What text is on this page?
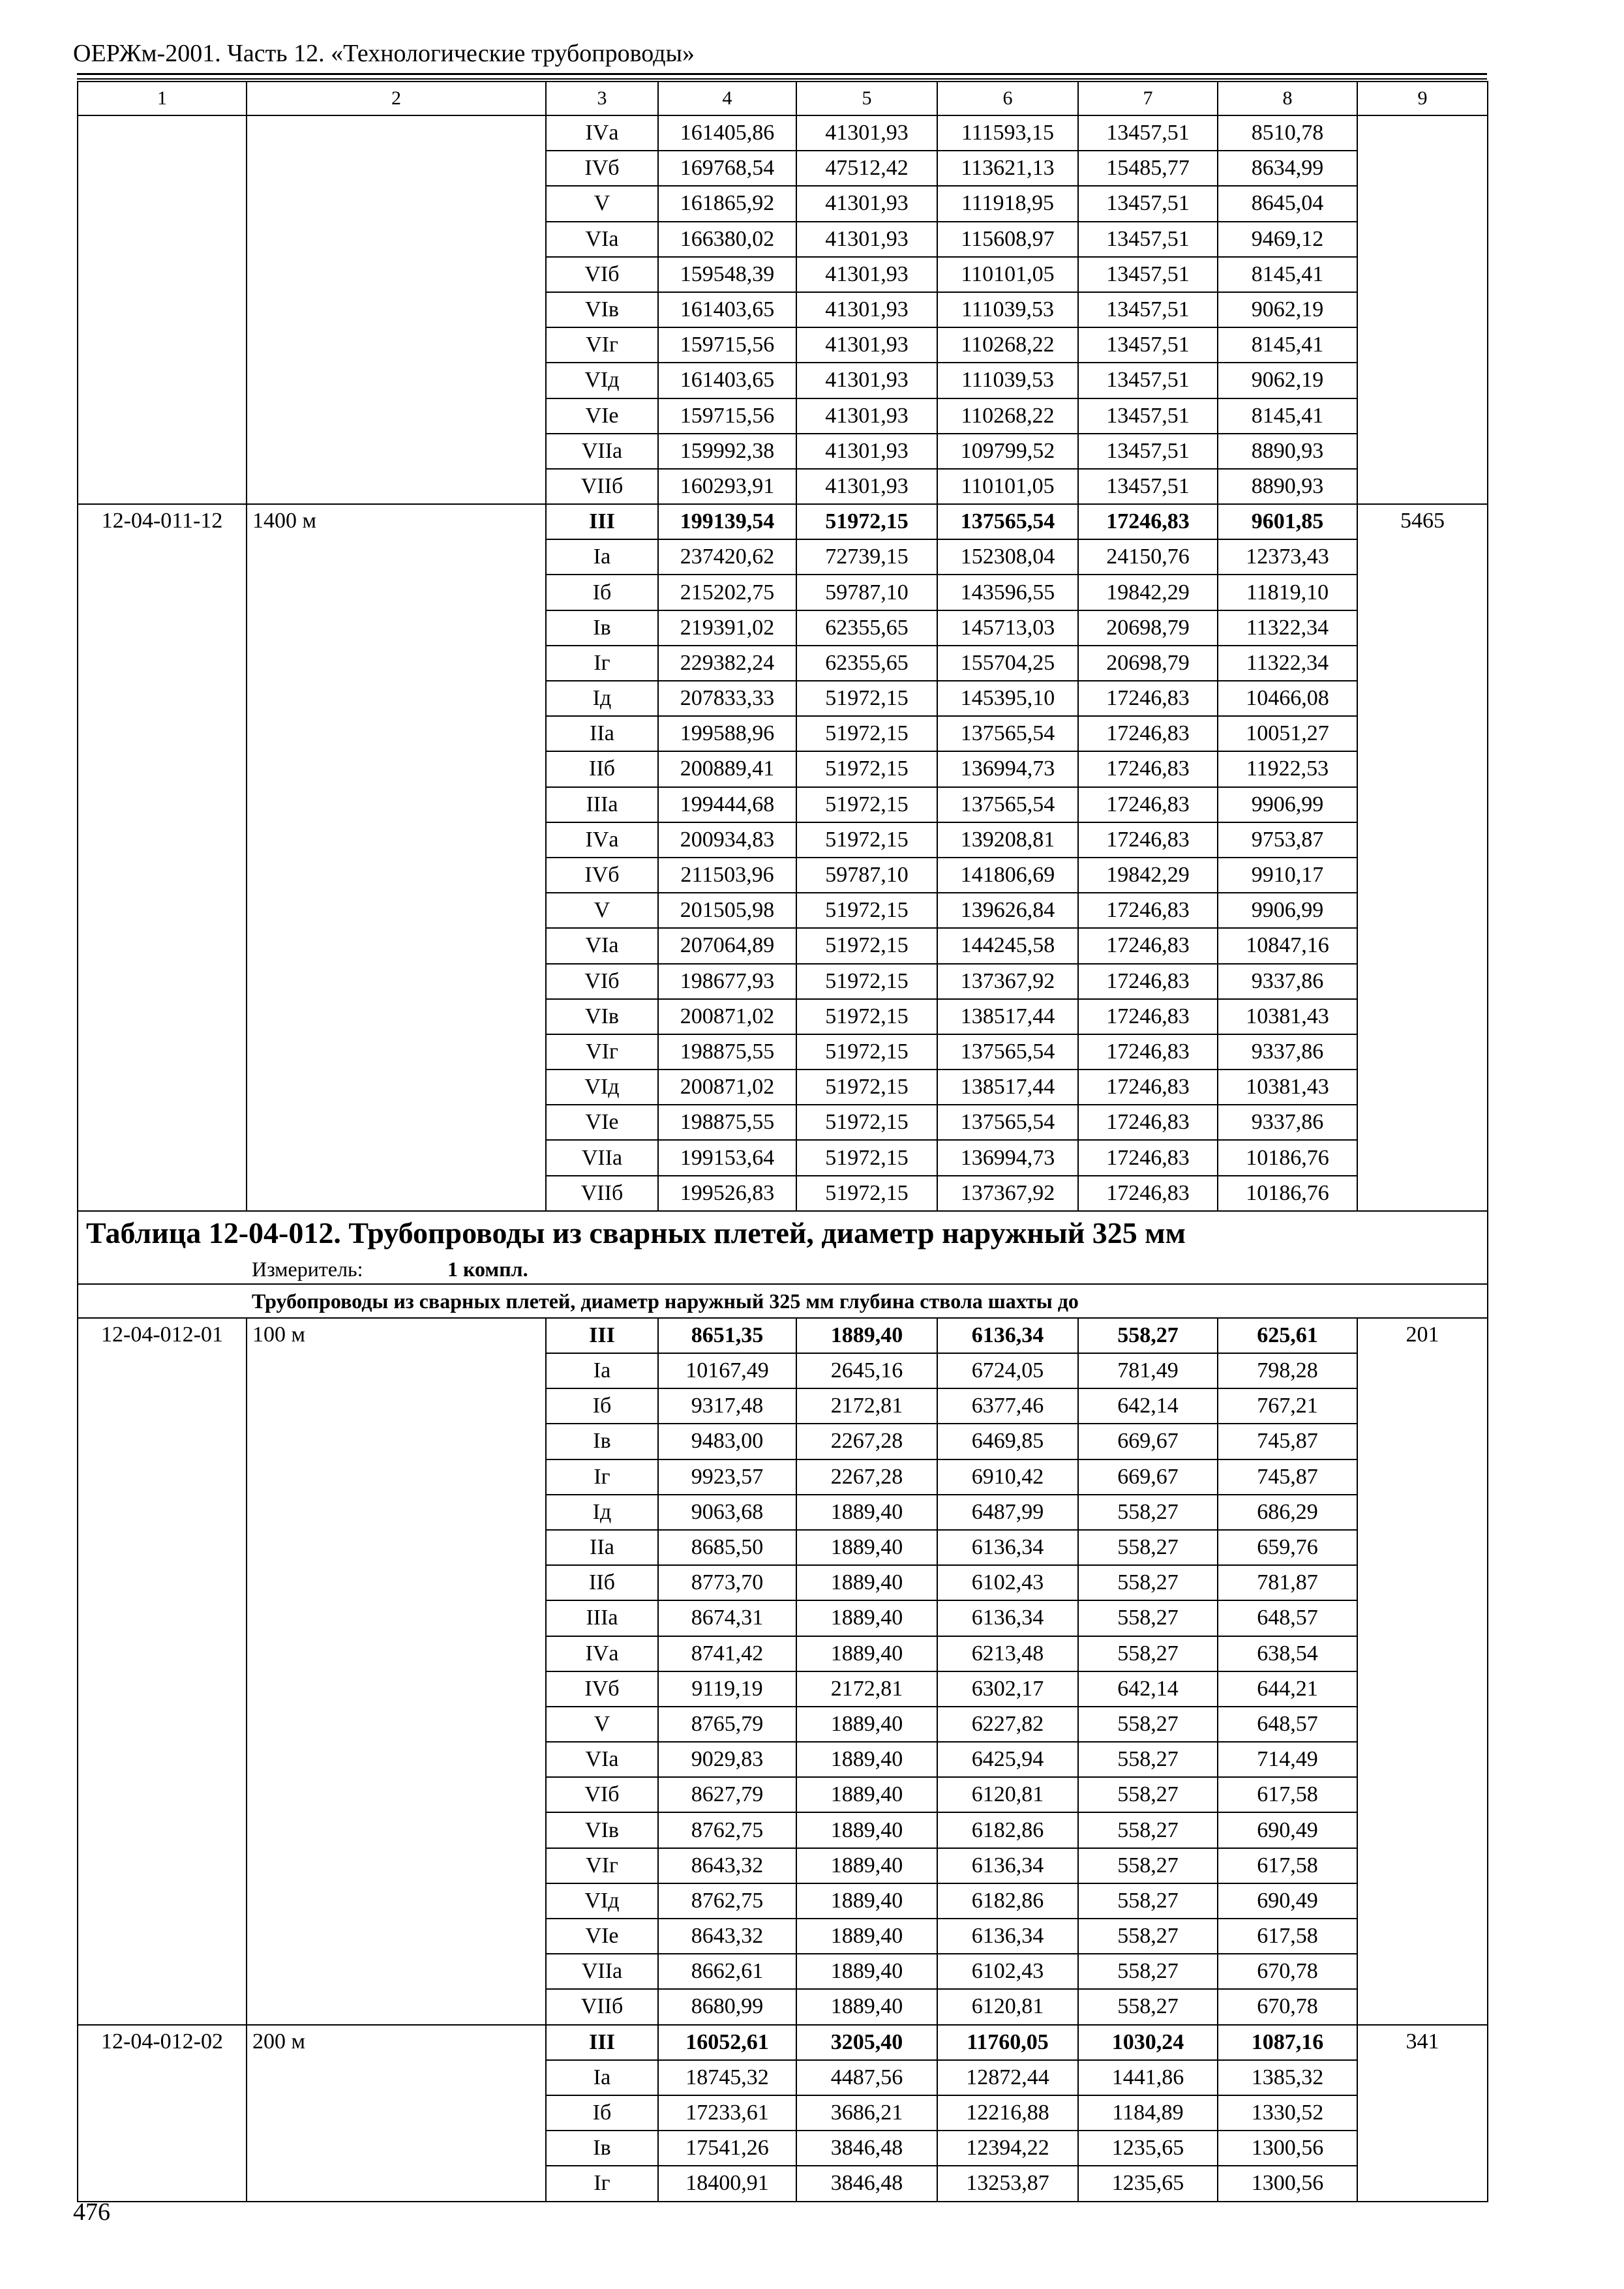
ОЕРЖм-2001. Часть 12. «Технологические трубопроводы»
1	2	3	4	5	6	7	8	9
		IVа	161405,86	41301,93	111593,15	13457,51	8510,78	
		IVб	169768,54	47512,42	113621,13	15485,77	8634,99	
		V	161865,92	41301,93	111918,95	13457,51	8645,04	
		VIа	166380,02	41301,93	115608,97	13457,51	9469,12	
		VIб	159548,39	41301,93	110101,05	13457,51	8145,41	
		VIв	161403,65	41301,93	111039,53	13457,51	9062,19	
		VIг	159715,56	41301,93	110268,22	13457,51	8145,41	
		VIд	161403,65	41301,93	111039,53	13457,51	9062,19	
		VIе	159715,56	41301,93	110268,22	13457,51	8145,41	
		VIIа	159992,38	41301,93	109799,52	13457,51	8890,93	
		VIIб	160293,91	41301,93	110101,05	13457,51	8890,93	
12-04-011-12	1400 м	III	199139,54	51972,15	137565,54	17246,83	9601,85	5465
		Iа	237420,62	72739,15	152308,04	24150,76	12373,43	
		Iб	215202,75	59787,10	143596,55	19842,29	11819,10	
		Iв	219391,02	62355,65	145713,03	20698,79	11322,34	
		Iг	229382,24	62355,65	155704,25	20698,79	11322,34	
		Iд	207833,33	51972,15	145395,10	17246,83	10466,08	
		IIа	199588,96	51972,15	137565,54	17246,83	10051,27	
		IIб	200889,41	51972,15	136994,73	17246,83	11922,53	
		IIIа	199444,68	51972,15	137565,54	17246,83	9906,99	
		IVа	200934,83	51972,15	139208,81	17246,83	9753,87	
		IVб	211503,96	59787,10	141806,69	19842,29	9910,17	
		V	201505,98	51972,15	139626,84	17246,83	9906,99	
		VIа	207064,89	51972,15	144245,58	17246,83	10847,16	
		VIб	198677,93	51972,15	137367,92	17246,83	9337,86	
		VIв	200871,02	51972,15	138517,44	17246,83	10381,43	
		VIг	198875,55	51972,15	137565,54	17246,83	9337,86	
		VIд	200871,02	51972,15	138517,44	17246,83	10381,43	
		VIе	198875,55	51972,15	137565,54	17246,83	9337,86	
		VIIа	199153,64	51972,15	136994,73	17246,83	10186,76	
		VIIб	199526,83	51972,15	137367,92	17246,83	10186,76	
Таблица 12-04-012. Трубопроводы из сварных плетей, диаметр наружный 325 мм								
Измеритель: 1 компл.								
Трубопроводы из сварных плетей, диаметр наружный 325 мм глубина ствола шахты до								
12-04-012-01	100 м	III	8651,35	1889,40	6136,34	558,27	625,61	201
		Iа	10167,49	2645,16	6724,05	781,49	798,28	
		Iб	9317,48	2172,81	6377,46	642,14	767,21	
		Iв	9483,00	2267,28	6469,85	669,67	745,87	
		Iг	9923,57	2267,28	6910,42	669,67	745,87	
		Iд	9063,68	1889,40	6487,99	558,27	686,29	
		IIа	8685,50	1889,40	6136,34	558,27	659,76	
		IIб	8773,70	1889,40	6102,43	558,27	781,87	
		IIIа	8674,31	1889,40	6136,34	558,27	648,57	
		IVа	8741,42	1889,40	6213,48	558,27	638,54	
		IVб	9119,19	2172,81	6302,17	642,14	644,21	
		V	8765,79	1889,40	6227,82	558,27	648,57	
		VIа	9029,83	1889,40	6425,94	558,27	714,49	
		VIб	8627,79	1889,40	6120,81	558,27	617,58	
		VIв	8762,75	1889,40	6182,86	558,27	690,49	
		VIг	8643,32	1889,40	6136,34	558,27	617,58	
		VIд	8762,75	1889,40	6182,86	558,27	690,49	
		VIе	8643,32	1889,40	6136,34	558,27	617,58	
		VIIа	8662,61	1889,40	6102,43	558,27	670,78	
		VIIб	8680,99	1889,40	6120,81	558,27	670,78	
12-04-012-02	200 м	III	16052,61	3205,40	11760,05	1030,24	1087,16	341
		Iа	18745,32	4487,56	12872,44	1441,86	1385,32	
		Iб	17233,61	3686,21	12216,88	1184,89	1330,52	
		Iв	17541,26	3846,48	12394,22	1235,65	1300,56	
		Iг	18400,91	3846,48	13253,87	1235,65	1300,56	
476
